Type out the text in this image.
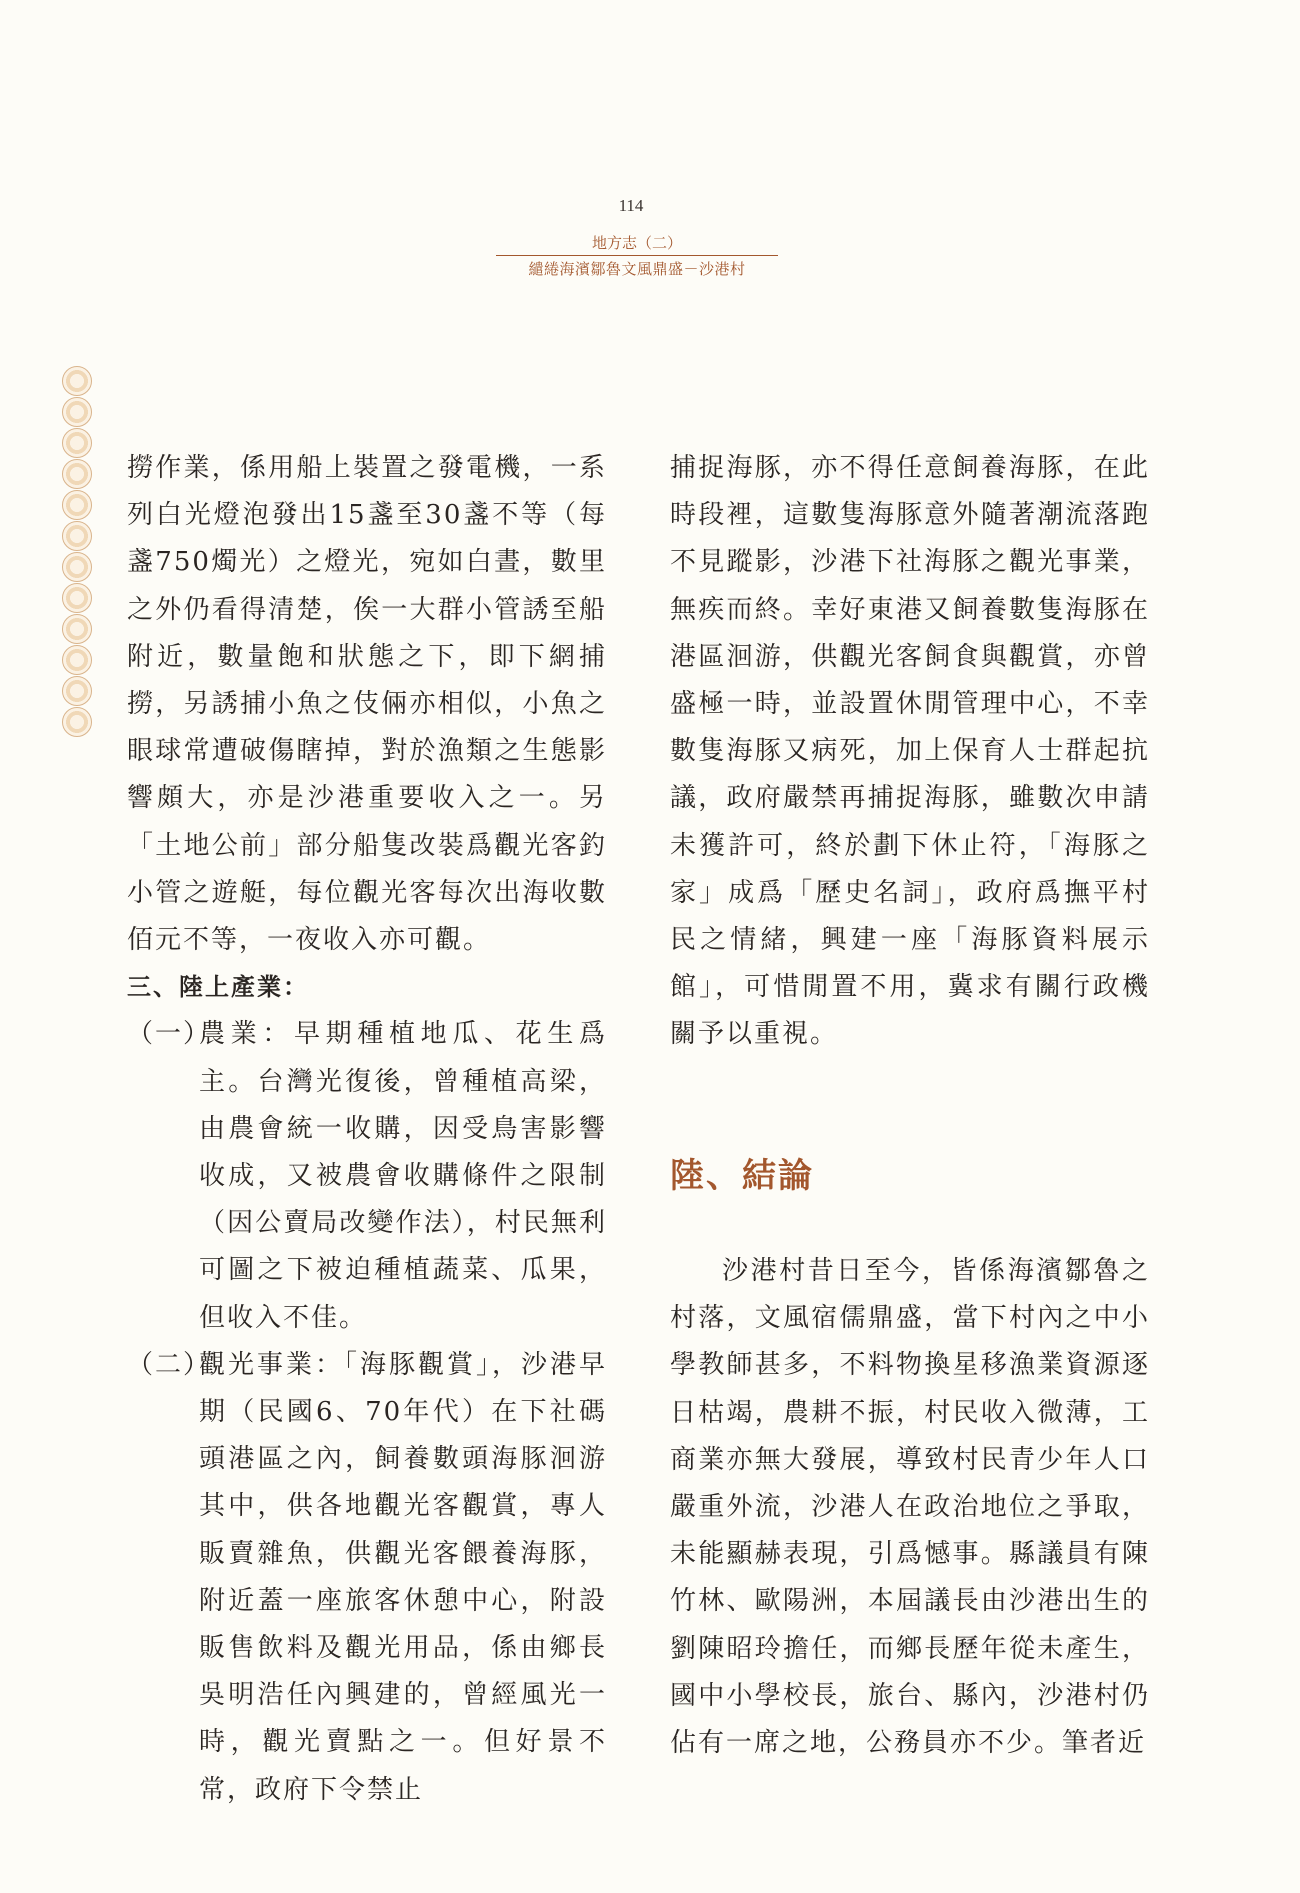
114
地方志（二）
繾綣海濱鄒魯文風鼎盛－沙港村

撈作業，係用船上裝置之發電機，一系列白光燈泡發出15盞至30盞不等（每盞750燭光）之燈光，宛如白晝，數里之外仍看得清楚，俟一大群小管誘至船附近，數量飽和狀態之下，即下網捕撈，另誘捕小魚之伎倆亦相似，小魚之眼球常遭破傷瞎掉，對於漁類之生態影響頗大，亦是沙港重要收入之一。另「土地公前」部分船隻改裝爲觀光客釣小管之遊艇，每位觀光客每次出海收數佰元不等，一夜收入亦可觀。

三、陸上產業：

（一）
農業：早期種植地瓜、花生爲主。台灣光復後，曾種植高梁，由農會統一收購，因受鳥害影響收成，又被農會收購條件之限制（因公賣局改變作法），村民無利可圖之下被迫種植蔬菜、瓜果，但收入不佳。

（二）
觀光事業：「海豚觀賞」，沙港早期（民國6、70年代）在下社碼頭港區之內，飼養數頭海豚洄游其中，供各地觀光客觀賞，專人販賣雜魚，供觀光客餵養海豚，附近蓋一座旅客休憩中心，附設販售飲料及觀光用品，係由鄉長吳明浩任內興建的，曾經風光一時，觀光賣點之一。但好景不常，政府下令禁止

捕捉海豚，亦不得任意飼養海豚，在此時段裡，這數隻海豚意外隨著潮流落跑不見蹤影，沙港下社海豚之觀光事業，無疾而終。幸好東港又飼養數隻海豚在港區洄游，供觀光客飼食與觀賞，亦曾盛極一時，並設置休閒管理中心，不幸數隻海豚又病死，加上保育人士群起抗議，政府嚴禁再捕捉海豚，雖數次申請未獲許可，終於劃下休止符，「海豚之家」成爲「歷史名詞」，政府爲撫平村民之情緒，興建一座「海豚資料展示館」，可惜閒置不用，冀求有關行政機關予以重視。

陸、結論

沙港村昔日至今，皆係海濱鄒魯之村落，文風宿儒鼎盛，當下村內之中小學教師甚多，不料物換星移漁業資源逐日枯竭，農耕不振，村民收入微薄，工商業亦無大發展，導致村民青少年人口嚴重外流，沙港人在政治地位之爭取，未能顯赫表現，引爲憾事。縣議員有陳竹林、歐陽洲，本屆議長由沙港出生的劉陳昭玲擔任，而鄉長歷年從未產生，國中小學校長，旅台、縣內，沙港村仍佔有一席之地，公務員亦不少。筆者近
